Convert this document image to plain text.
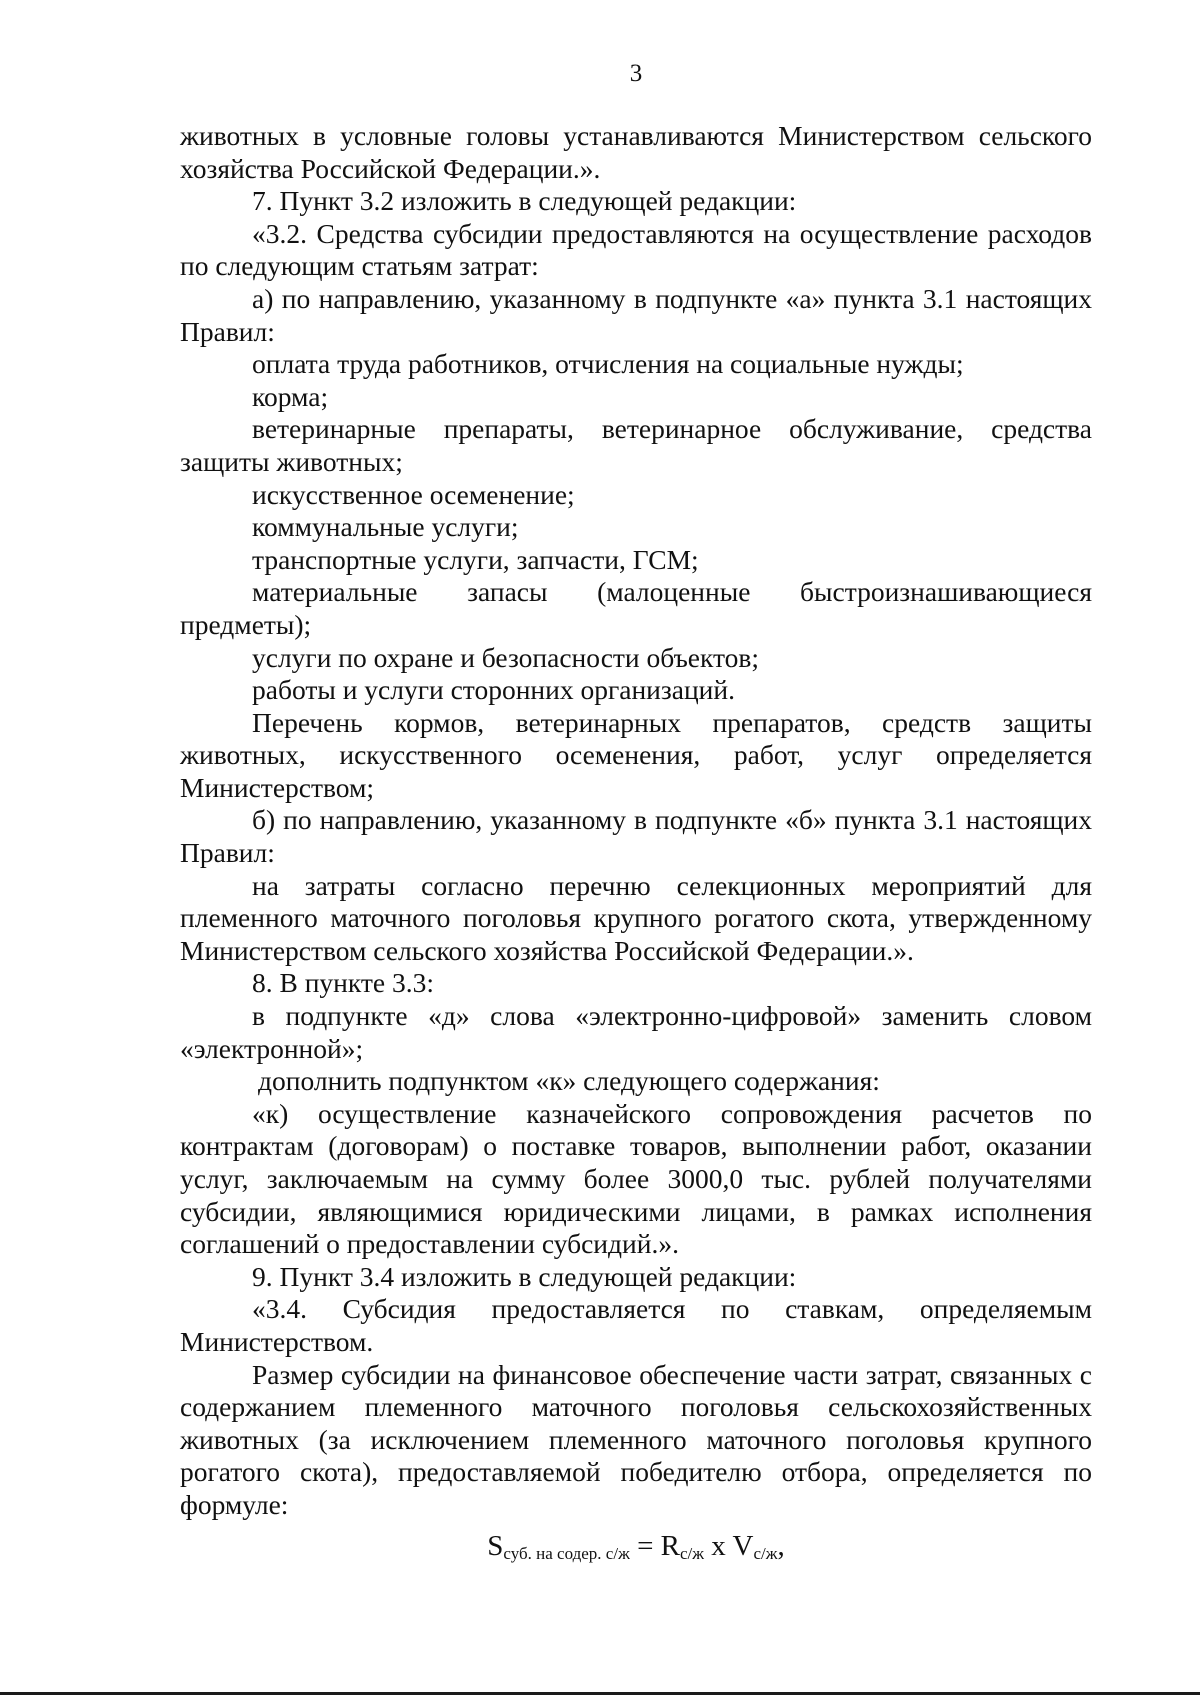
3

животных в условные головы устанавливаются Министерством сельского хозяйства Российской Федерации.».

7. Пункт 3.2 изложить в следующей редакции:

«3.2. Средства субсидии предоставляются на осуществление расходов по следующим статьям затрат:

а) по направлению, указанному в подпункте «а» пункта 3.1 настоящих Правил:

оплата труда работников, отчисления на социальные нужды;

корма;

ветеринарные препараты, ветеринарное обслуживание, средства защиты животных;

искусственное осеменение;

коммунальные услуги;

транспортные услуги, запчасти, ГСМ;

материальные запасы (малоценные быстроизнашивающиеся предметы);

услуги по охране и безопасности объектов;

работы и услуги сторонних организаций.

Перечень кормов, ветеринарных препаратов, средств защиты животных, искусственного осеменения, работ, услуг определяется Министерством;

б) по направлению, указанному в подпункте «б» пункта 3.1 настоящих Правил:

на затраты согласно перечню селекционных мероприятий для племенного маточного поголовья крупного рогатого скота, утвержденному Министерством сельского хозяйства Российской Федерации.».

8. В пункте 3.3:

в подпункте «д» слова «электронно-цифровой» заменить словом «электронной»;

дополнить подпунктом «к» следующего содержания:

«к) осуществление казначейского сопровождения расчетов по контрактам (договорам) о поставке товаров, выполнении работ, оказании услуг, заключаемым на сумму более 3000,0 тыс. рублей получателями субсидии, являющимися юридическими лицами, в рамках исполнения соглашений о предоставлении субсидий.».

9. Пункт 3.4 изложить в следующей редакции:

«3.4. Субсидия предоставляется по ставкам, определяемым Министерством.

Размер субсидии на финансовое обеспечение части затрат, связанных с содержанием племенного маточного поголовья сельскохозяйственных животных (за исключением племенного маточного поголовья крупного рогатого скота), предоставляемой победителю отбора, определяется по формуле:

$S_{суб. на содер. с/ж} = R_{с/ж}$ x $V_{с/ж}$,
